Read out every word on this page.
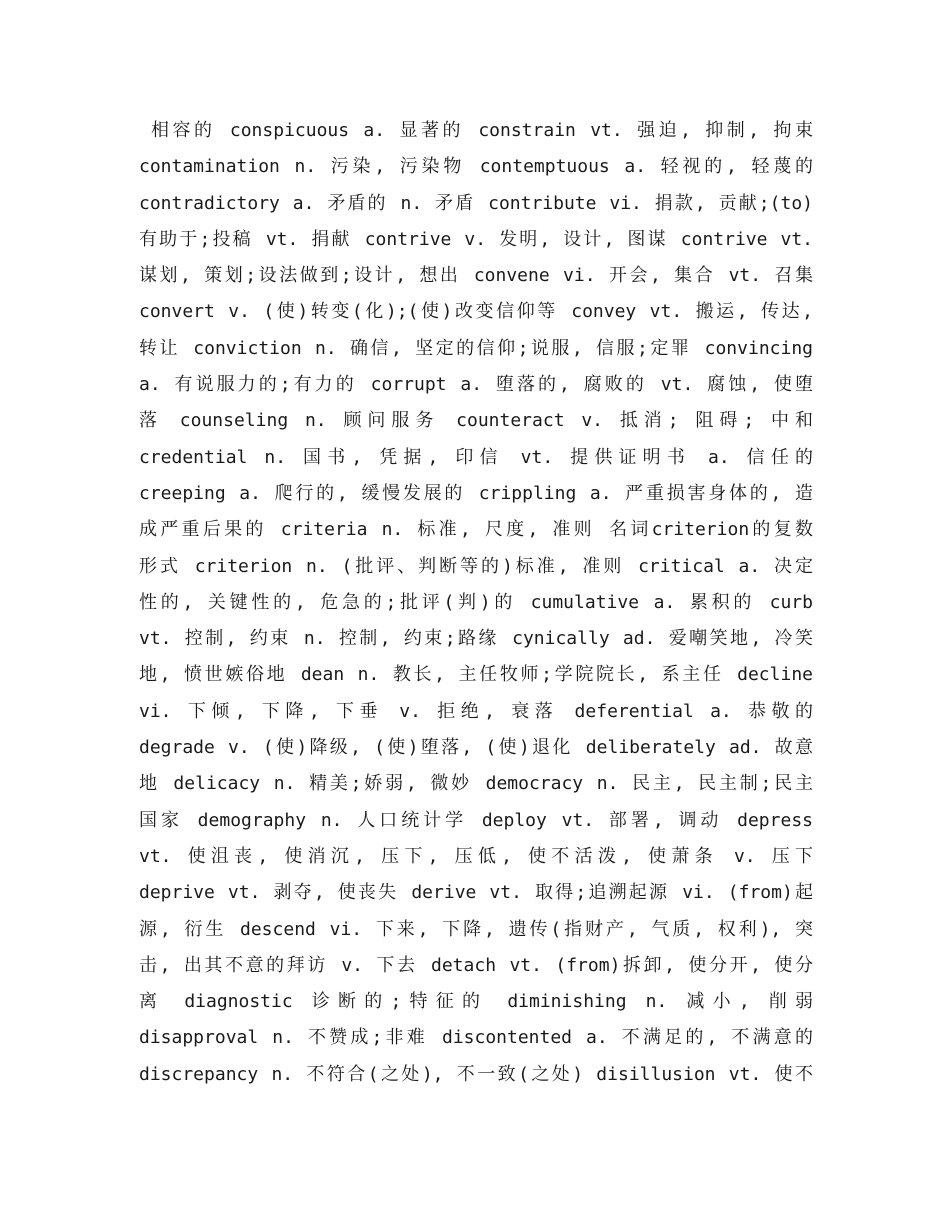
相容的 conspicuous a. 显著的 constrain vt. 强迫, 抑制, 拘束
contamination n. 污染, 污染物 contemptuous a. 轻视的, 轻蔑的
contradictory a. 矛盾的 n. 矛盾 contribute vi. 捐款, 贡献;(to)
有助于;投稿 vt. 捐献 contrive v. 发明, 设计, 图谋 contrive vt.
谋划, 策划;设法做到;设计, 想出 convene vi. 开会, 集合 vt. 召集
convert v. (使)转变(化);(使)改变信仰等 convey vt. 搬运, 传达,
转让 conviction n. 确信, 坚定的信仰;说服, 信服;定罪 convincing
a. 有说服力的;有力的 corrupt a. 堕落的, 腐败的 vt. 腐蚀, 使堕
落 counseling n. 顾问服务 counteract v. 抵消; 阻碍; 中和
credential n. 国书, 凭据, 印信 vt. 提供证明书 a. 信任的
creeping a. 爬行的, 缓慢发展的 crippling a. 严重损害身体的, 造
成严重后果的 criteria n. 标准, 尺度, 准则 名词criterion的复数
形式 criterion n. (批评、判断等的)标准, 准则 critical a. 决定
性的, 关键性的, 危急的;批评(判)的 cumulative a. 累积的 curb
vt. 控制, 约束 n. 控制, 约束;路缘 cynically ad. 爱嘲笑地, 冷笑
地, 愤世嫉俗地 dean n. 教长, 主任牧师;学院院长, 系主任 decline
vi. 下倾, 下降, 下垂 v. 拒绝, 衰落 deferential a. 恭敬的
degrade v. (使)降级, (使)堕落, (使)退化 deliberately ad. 故意
地 delicacy n. 精美;娇弱, 微妙 democracy n. 民主, 民主制;民主
国家 demography n. 人口统计学 deploy vt. 部署, 调动 depress
vt. 使沮丧, 使消沉, 压下, 压低, 使不活泼, 使萧条 v. 压下
deprive vt. 剥夺, 使丧失 derive vt. 取得;追溯起源 vi. (from)起
源, 衍生 descend vi. 下来, 下降, 遗传(指财产, 气质, 权利), 突
击, 出其不意的拜访 v. 下去 detach vt. (from)拆卸, 使分开, 使分
离 diagnostic 诊断的;特征的 diminishing n. 减小, 削弱
disapproval n. 不赞成;非难 discontented a. 不满足的, 不满意的
discrepancy n. 不符合(之处), 不一致(之处) disillusion vt. 使不
